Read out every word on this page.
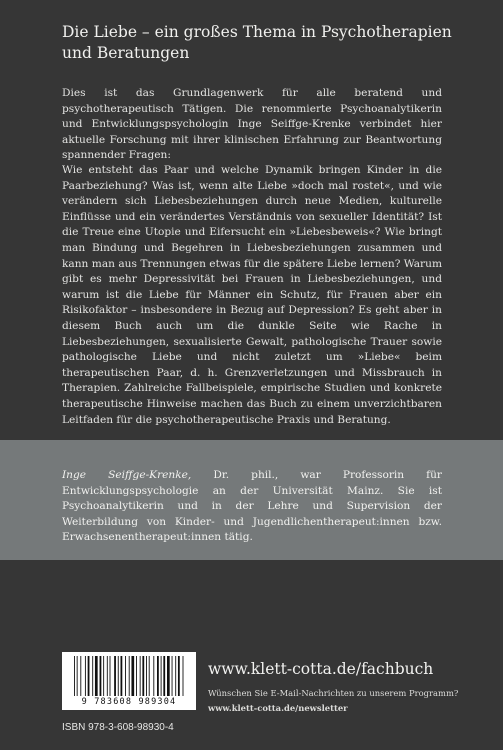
Die Liebe – ein großes Thema in Psychotherapien und Beratungen

Dies ist das Grundlagenwerk für alle beratend und psychotherapeutisch Tätigen. Die renommierte Psychoanalytikerin und Entwicklungspsychologin Inge Seiffge-Krenke verbindet hier aktuelle Forschung mit ihrer klinischen Erfahrung zur Beantwortung spannender Fragen:

Wie entsteht das Paar und welche Dynamik bringen Kinder in die Paarbeziehung? Was ist, wenn alte Liebe »doch mal rostet«, und wie verändern sich Liebesbeziehungen durch neue Medien, kulturelle Einflüsse und ein verändertes Verständnis von sexueller Identität? Ist die Treue eine Utopie und Eifersucht ein »Liebesbeweis«? Wie bringt man Bindung und Begehren in Liebesbeziehungen zusammen und kann man aus Trennungen etwas für die spätere Liebe lernen? Warum gibt es mehr Depressivität bei Frauen in Liebesbeziehungen, und warum ist die Liebe für Männer ein Schutz, für Frauen aber ein Risikofaktor – insbesondere in Bezug auf Depression? Es geht aber in diesem Buch auch um die dunkle Seite wie Rache in Liebesbeziehungen, sexualisierte Gewalt, pathologische Trauer sowie pathologische Liebe und nicht zuletzt um »Liebe« beim therapeutischen Paar, d. h. Grenzverletzungen und Missbrauch in Therapien. Zahlreiche Fallbeispiele, empirische Studien und konkrete therapeutische Hinweise machen das Buch zu einem unverzichtbaren Leitfaden für die psychotherapeutische Praxis und Beratung.

Inge Seiffge-Krenke, Dr. phil., war Professorin für Entwicklungspsychologie an der Universität Mainz. Sie ist Psychoanalytikerin und in der Lehre und Supervision der Weiterbildung von Kinder- und Jugendlichentherapeut:innen bzw. Erwachsenentherapeut:innen tätig.

9 783608 989304
ISBN 978-3-608-98930-4
www.klett-cotta.de/fachbuch
Wünschen Sie E-Mail-Nachrichten zu unserem Programm?
www.klett-cotta.de/newsletter
